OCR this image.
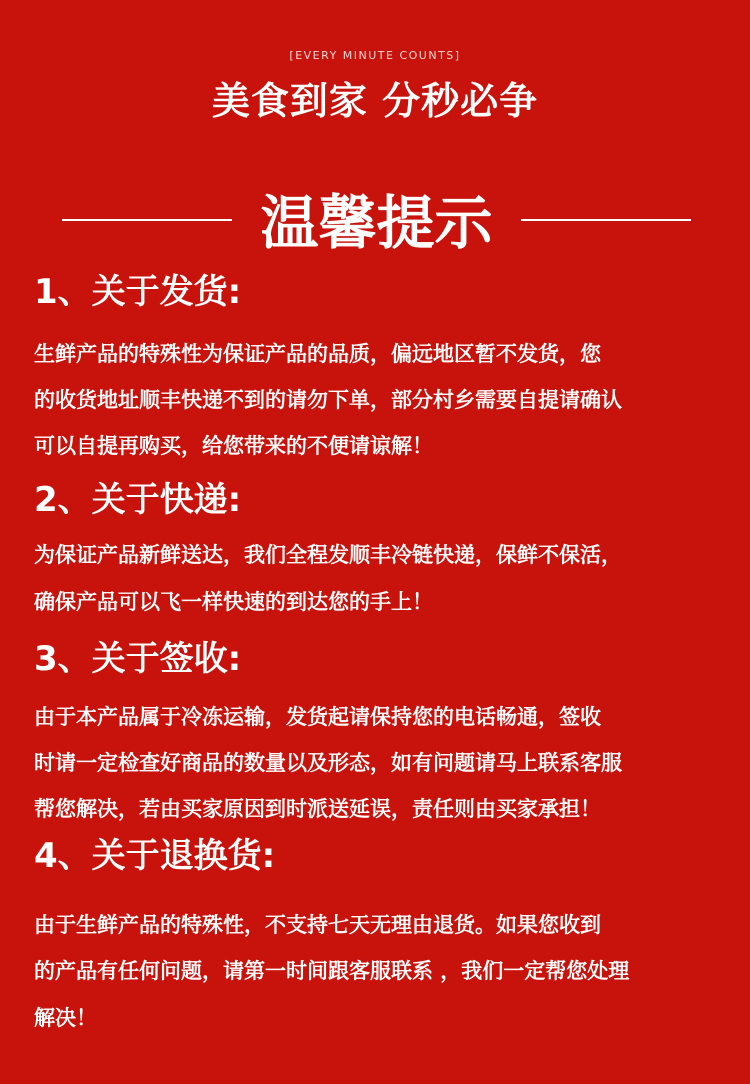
[EVERY MINUTE COUNTS]
美食到家 分秒必争
温馨提示
1、关于发货:
生鲜产品的特殊性为保证产品的品质，偏远地区暂不发货，您
的收货地址顺丰快递不到的请勿下单，部分村乡需要自提请确认
可以自提再购买，给您带来的不便请谅解！
2、关于快递:
为保证产品新鲜送达，我们全程发顺丰冷链快递，保鲜不保活，
确保产品可以飞一样快速的到达您的手上！
3、关于签收:
由于本产品属于冷冻运输，发货起请保持您的电话畅通，签收
时请一定检查好商品的数量以及形态，如有问题请马上联系客服
帮您解决，若由买家原因到时派送延误，责任则由买家承担！
4、关于退换货:
由于生鲜产品的特殊性，不支持七天无理由退货。如果您收到
的产品有任何问题，请第一时间跟客服联系 ，我们一定帮您处理
解决！
